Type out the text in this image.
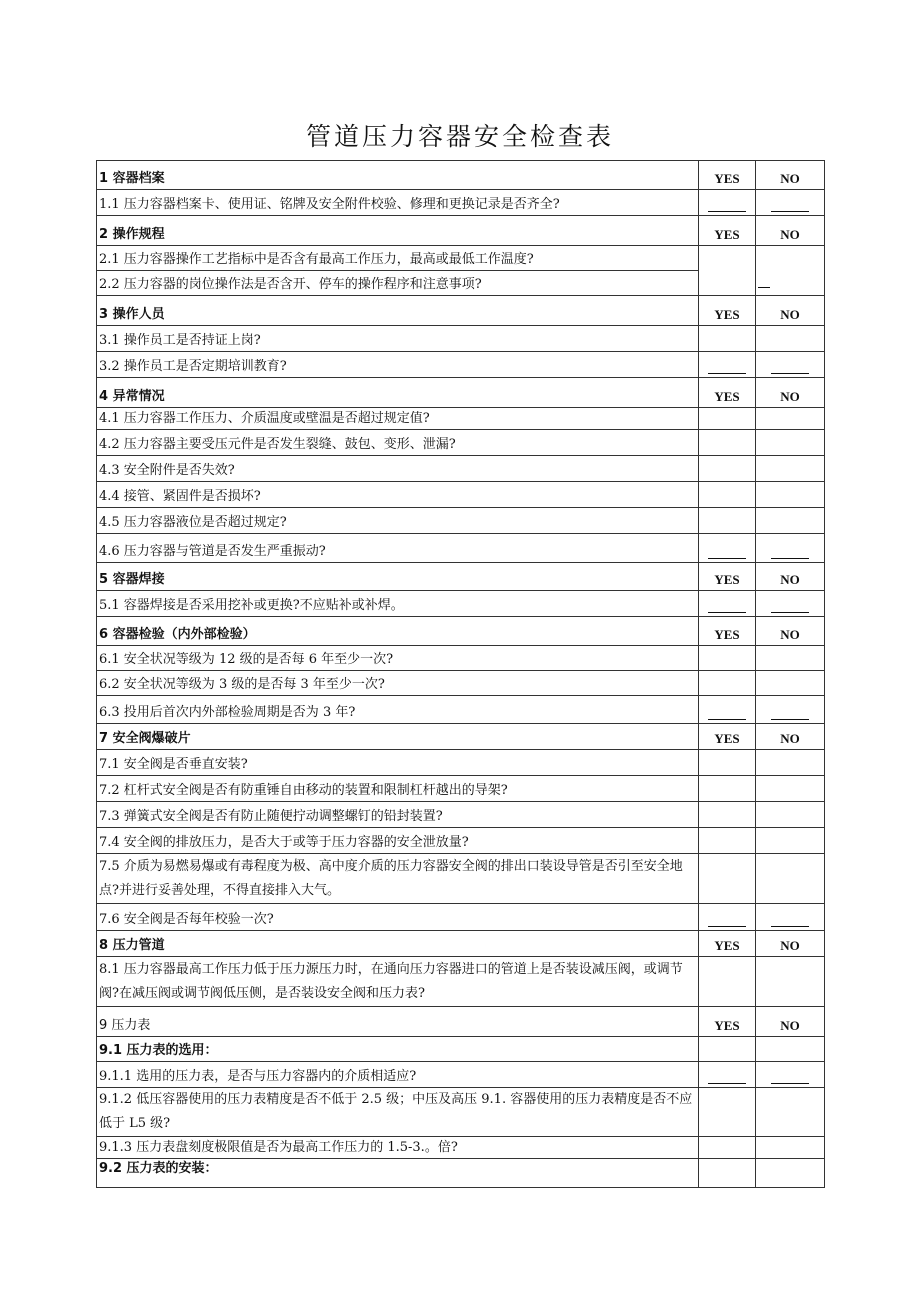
管道压力容器安全检查表
1 容器档案	YES	NO
1.1 压力容器档案卡、使用证、铭牌及安全附件校验、修理和更换记录是否齐全?		
2 操作规程	YES	NO
2.1 压力容器操作工艺指标中是否含有最高工作压力，最高或最低工作温度?		
2.2 压力容器的岗位操作法是否含开、停车的操作程序和注意事项?		
3 操作人员	YES	NO
3.1 操作员工是否持证上岗?		
3.2 操作员工是否定期培训教育?		
4 异常情况	YES	NO
4.1 压力容器工作压力、介质温度或壁温是否超过规定值?		
4.2 压力容器主要受压元件是否发生裂缝、鼓包、变形、泄漏?		
4.3 安全附件是否失效?		
4.4 接管、紧固件是否损坏?		
4.5 压力容器液位是否超过规定?		
4.6 压力容器与管道是否发生严重振动?		
5 容器焊接	YES	NO
5.1 容器焊接是否采用挖补或更换?不应贴补或补焊。		
6 容器检验（内外部检验）	YES	NO
6.1 安全状况等级为 12 级的是否每 6 年至少一次?		
6.2 安全状况等级为 3 级的是否每 3 年至少一次?		
6.3 投用后首次内外部检验周期是否为 3 年?		
7 安全阀爆破片	YES	NO
7.1 安全阀是否垂直安装?		
7.2 杠杆式安全阀是否有防重锤自由移动的装置和限制杠杆越出的导架?		
7.3 弹簧式安全阀是否有防止随便拧动调整螺钉的铅封装置?		
7.4 安全阀的排放压力，是否大于或等于压力容器的安全泄放量?		
7.5 介质为易燃易爆或有毒程度为极、高中度介质的压力容器安全阀的排出口装设导管是否引至安全地点?并进行妥善处理，不得直接排入大气。		
7.6 安全阀是否每年校验一次?		
8 压力管道	YES	NO
8.1 压力容器最高工作压力低于压力源压力时，在通向压力容器进口的管道上是否装设减压阀，或调节阀?在减压阀或调节阀低压侧，是否装设安全阀和压力表?		
9 压力表	YES	NO
9.1 压力表的选用：		
9.1.1 选用的压力表，是否与压力容器内的介质相适应?		
9.1.2 低压容器使用的压力表精度是否不低于 2.5 级；中压及高压 9.1. 容器使用的压力表精度是否不应低于 L5 级?		
9.1.3 压力表盘刻度极限值是否为最高工作压力的 1.5-3.。倍?		
9.2 压力表的安装：		
